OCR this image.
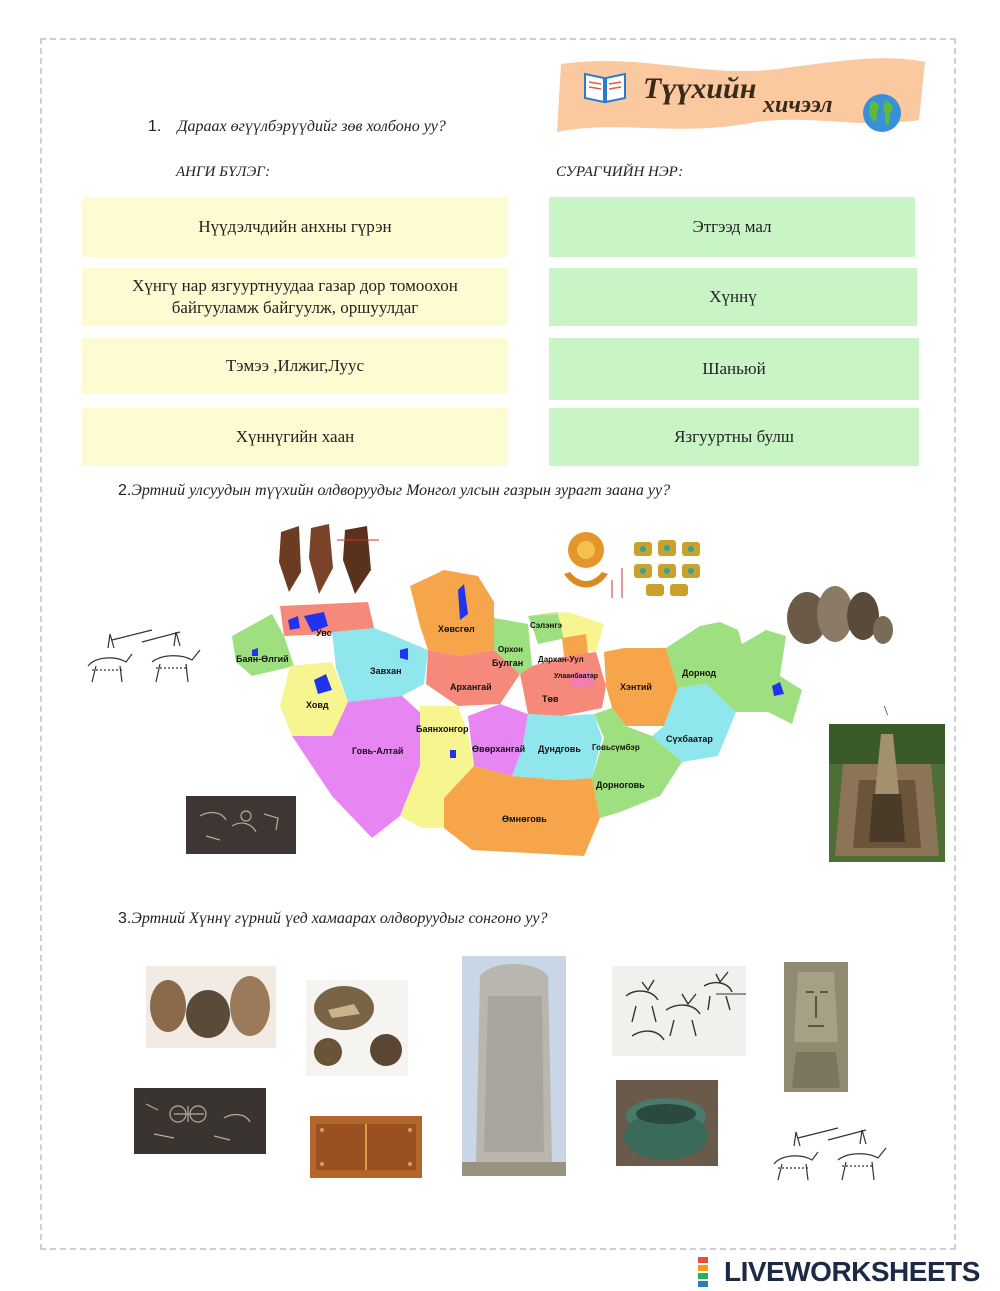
Түүхийн хичээл
1. Дараах өгүүлбэрүүдийг зөв холбоно уу?
АНГИ БҮЛЭГ:	СУРАГЧИЙН НЭР:
Нүүдэлчдийн анхны гүрэн
Хүнгү нар язгууртнуудаа газар дор томоохон байгууламж байгуулж, оршуулдаг
Тэмээ ,Илжиг,Луус
Хүннүгийн хаан
Этгээд мал
Хүннү
Шаньюй
Язгууртны булш
2.Эртний улсуудын түүхийн олдворуудыг Монгол улсын газрын зурагт заана уу?
\
Увс
Баян-Өлгий
Ховд
Завхан
Говь-Алтай
Хөвсгөл
Архангай
Баянхонгор
Өвөрхангай
Өмнөговь
Булган
Орхон
Сэлэнгэ
Дархан-Уул
Улаанбаатар
Төв
Дундговь Говьсүмбэр
Дорноговь
Хэнтий
Сүхбаатар
Дорнод
3.Эртний Хүннү гүрний үед хамаарах олдворуудыг сонгоно уу?
LIVEWORKSHEETS
